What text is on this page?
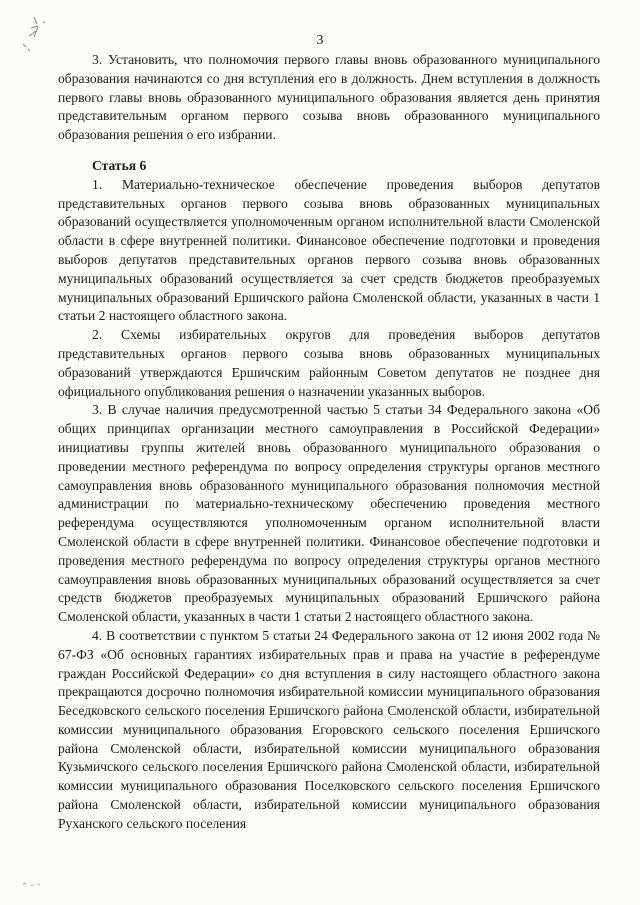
3

3. Установить, что полномочия первого главы вновь образованного муниципального образования начинаются со дня вступления его в должность. Днем вступления в должность первого главы вновь образованного муниципального образования является день принятия представительным органом первого созыва вновь образованного муниципального образования решения о его избрании.

Статья 6

1. Материально-техническое обеспечение проведения выборов депутатов представительных органов первого созыва вновь образованных муниципальных образований осуществляется уполномоченным органом исполнительной власти Смоленской области в сфере внутренней политики. Финансовое обеспечение подготовки и проведения выборов депутатов представительных органов первого созыва вновь образованных муниципальных образований осуществляется за счет средств бюджетов преобразуемых муниципальных образований Ершичского района Смоленской области, указанных в части 1 статьи 2 настоящего областного закона.

2. Схемы избирательных округов для проведения выборов депутатов представительных органов первого созыва вновь образованных муниципальных образований утверждаются Ершичским районным Советом депутатов не позднее дня официального опубликования решения о назначении указанных выборов.

3. В случае наличия предусмотренной частью 5 статьи 34 Федерального закона «Об общих принципах организации местного самоуправления в Российской Федерации» инициативы группы жителей вновь образованного муниципального образования о проведении местного референдума по вопросу определения структуры органов местного самоуправления вновь образованного муниципального образования полномочия местной администрации по материально-техническому обеспечению проведения местного референдума осуществляются уполномоченным органом исполнительной власти Смоленской области в сфере внутренней политики. Финансовое обеспечение подготовки и проведения местного референдума по вопросу определения структуры органов местного самоуправления вновь образованных муниципальных образований осуществляется за счет средств бюджетов преобразуемых муниципальных образований Ершичского района Смоленской области, указанных в части 1 статьи 2 настоящего областного закона.

4. В соответствии с пунктом 5 статьи 24 Федерального закона от 12 июня 2002 года № 67-ФЗ «Об основных гарантиях избирательных прав и права на участие в референдуме граждан Российской Федерации» со дня вступления в силу настоящего областного закона прекращаются досрочно полномочия избирательной комиссии муниципального образования Беседковского сельского поселения Ершичского района Смоленской области, избирательной комиссии муниципального образования Егоровского сельского поселения Ершичского района Смоленской области, избирательной комиссии муниципального образования Кузьмичского сельского поселения Ершичского района Смоленской области, избирательной комиссии муниципального образования Поселковского сельского поселения Ершичского района Смоленской области, избирательной комиссии муниципального образования Руханского сельского поселения
